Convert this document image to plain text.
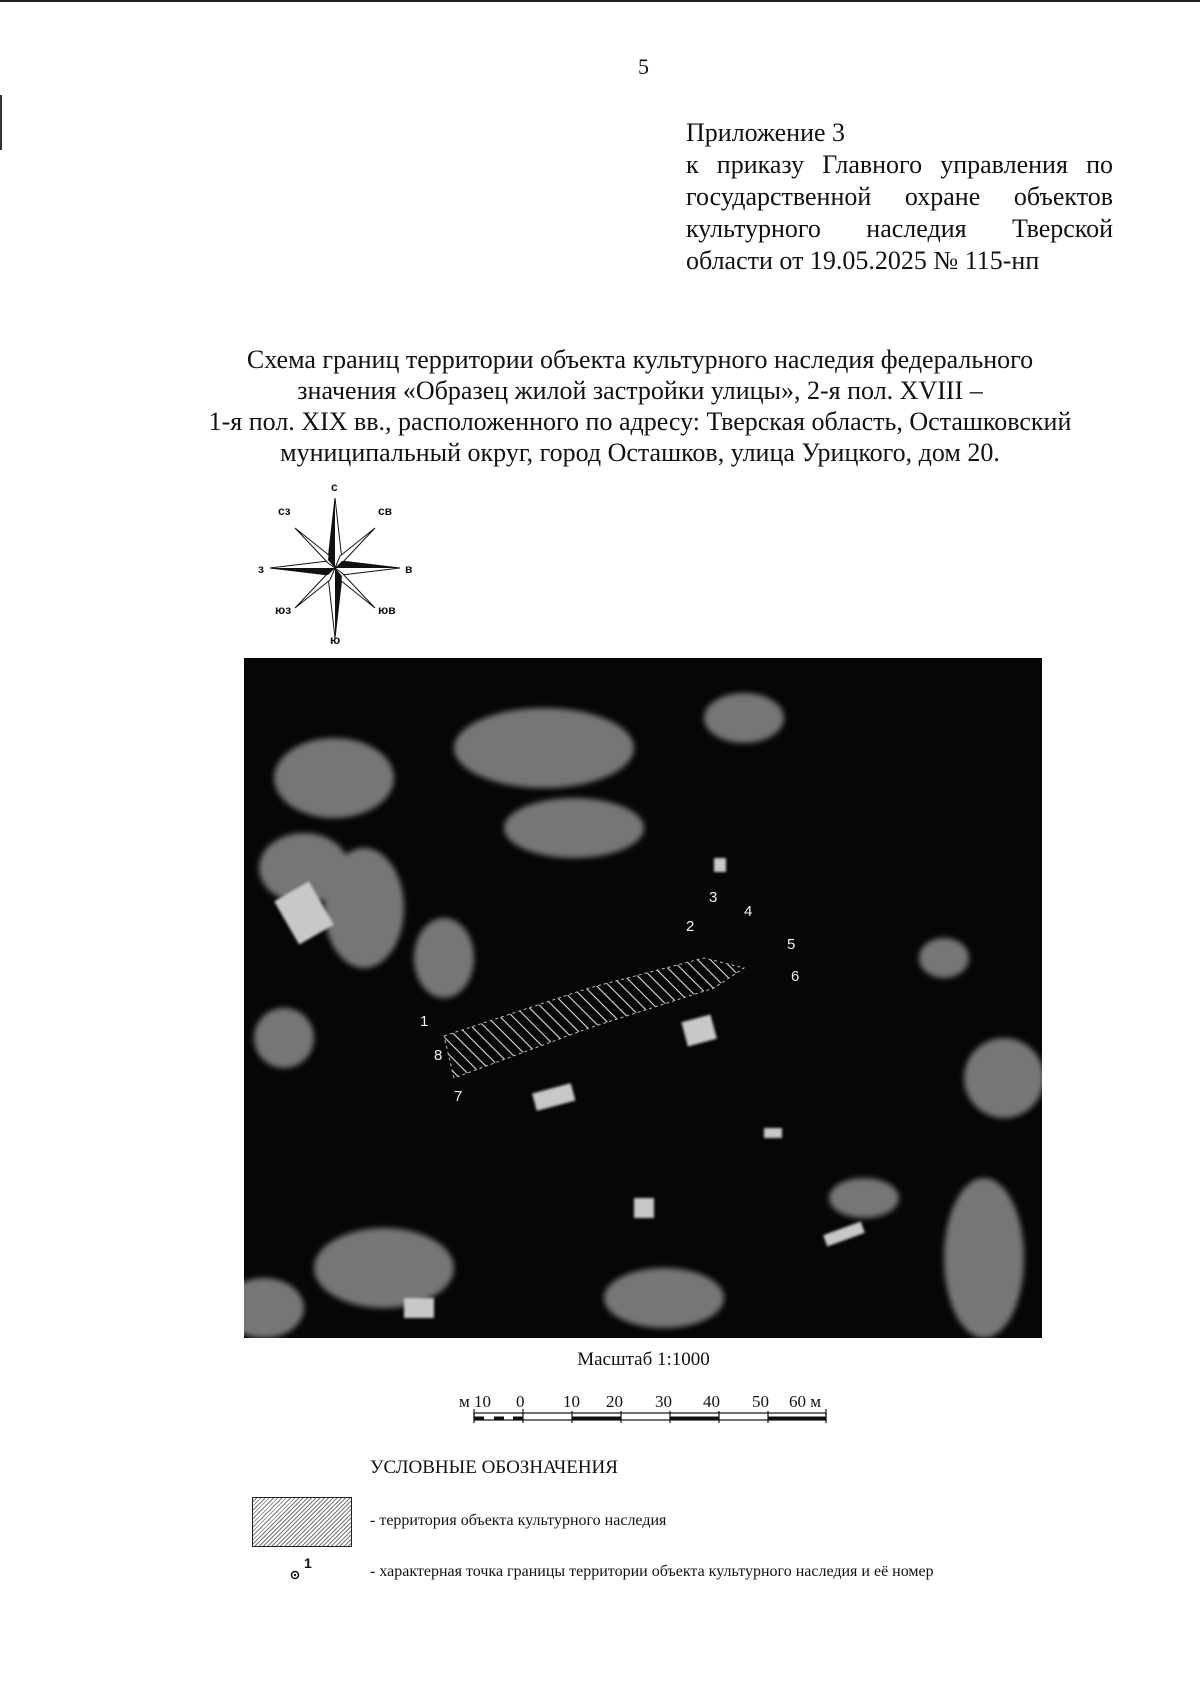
5
Приложение 3
к приказу Главного управления по
государственной охране объектов
культурного наследия Тверской
области от 19.05.2025 № 115-нп
Схема границ территории объекта культурного наследия федерального
значения «Образец жилой застройки улицы», 2-я пол. XVIII –
1-я пол. XIX вв., расположенного по адресу: Тверская область, Осташковский
муниципальный округ, город Осташков, улица Урицкого, дом 20.
с
св
в
юв
ю
юз
з
сз
1
2
3
4
5
6
7
8
Масштаб 1:1000
м 10 0 10 20 30 40 50 60 м
УСЛОВНЫЕ ОБОЗНАЧЕНИЯ
- территория объекта культурного наследия
1	- характерная точка границы территории объекта культурного наследия и её номер
